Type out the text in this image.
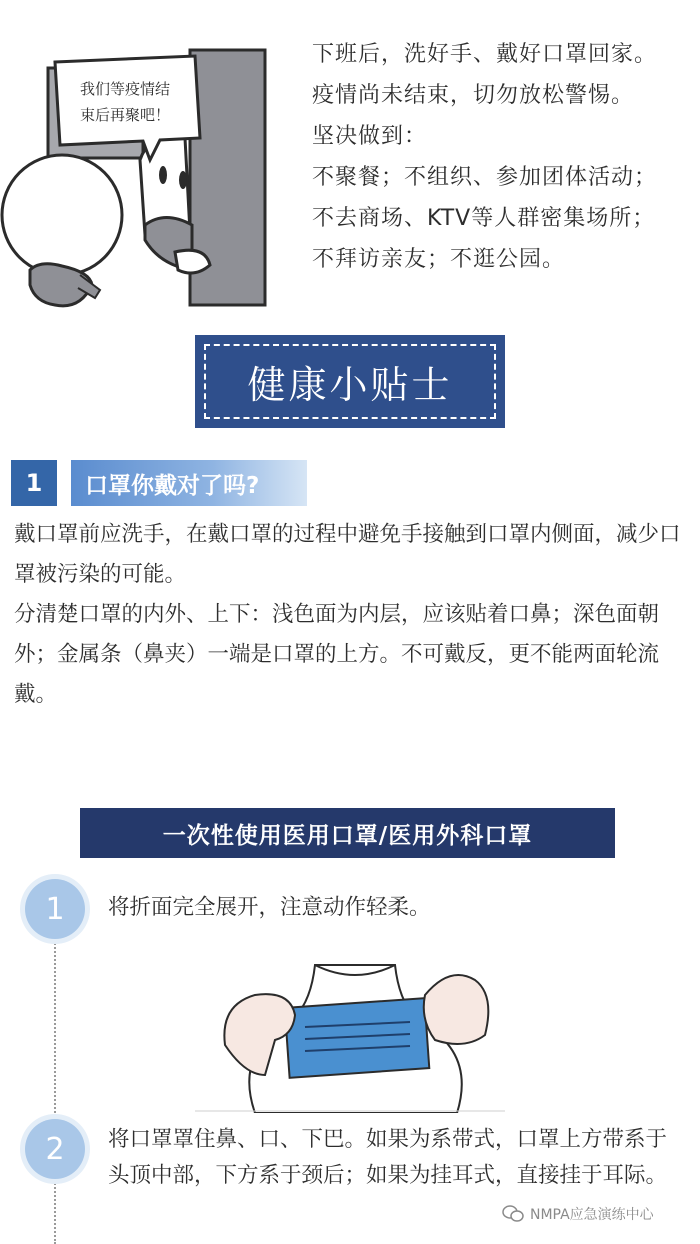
我们等疫情结
束后再聚吧！
下班后，洗好手、戴好口罩回家。
疫情尚未结束，切勿放松警惕。
坚决做到：
不聚餐；不组织、参加团体活动；
不去商场、KTV等人群密集场所；
不拜访亲友；不逛公园。
健康小贴士
1	口罩你戴对了吗?
戴口罩前应洗手，在戴口罩的过程中避免手接触到口罩内侧面，减少口罩被污染的可能。
分清楚口罩的内外、上下：浅色面为内层，应该贴着口鼻；深色面朝外；金属条（鼻夹）一端是口罩的上方。不可戴反，更不能两面轮流戴。
一次性使用医用口罩/医用外科口罩
1	将折面完全展开，注意动作轻柔。
2	将口罩罩住鼻、口、下巴。如果为系带式，口罩上方带系于头顶中部，下方系于颈后；如果为挂耳式，直接挂于耳际。
NMPA应急演练中心
